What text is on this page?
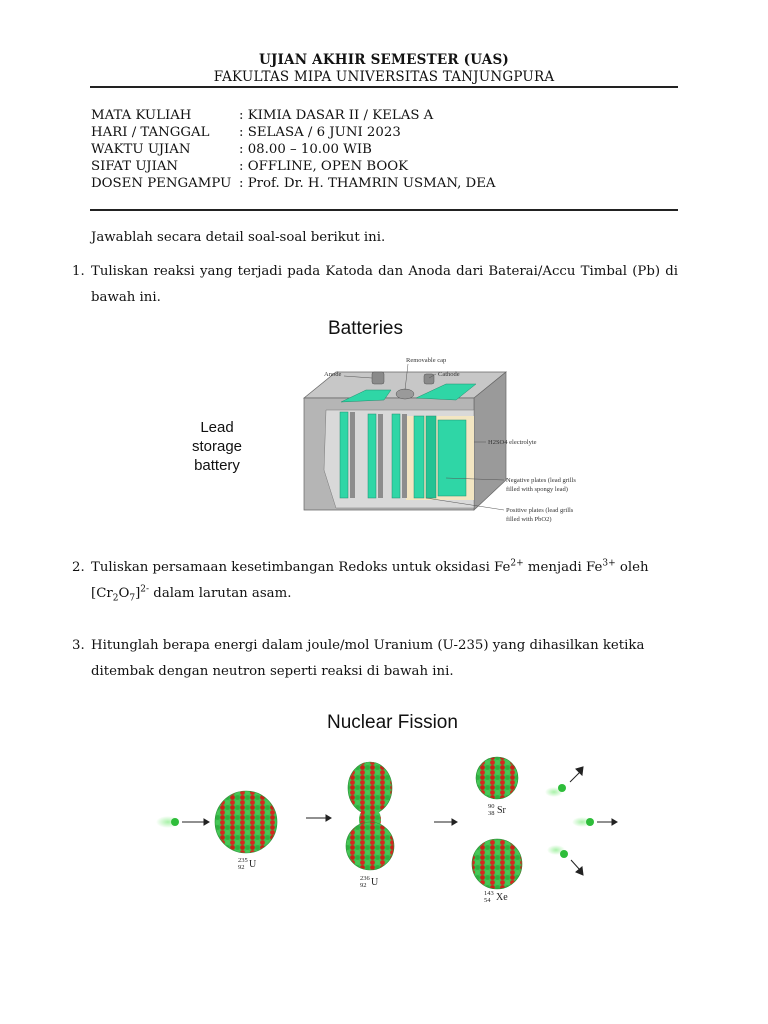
UJIAN AKHIR SEMESTER (UAS)
FAKULTAS MIPA UNIVERSITAS TANJUNGPURA
MATA KULIAH	: KIMIA DASAR II / KELAS A
HARI / TANGGAL	: SELASA / 6 JUNI 2023
WAKTU UJIAN	: 08.00 – 10.00 WIB
SIFAT UJIAN	: OFFLINE, OPEN BOOK
DOSEN PENGAMPU : Prof. Dr. H. THAMRIN USMAN, DEA
Jawablah secara detail soal-soal berikut ini.
1. Tuliskan reaksi yang terjadi pada Katoda dan Anoda dari Baterai/Accu Timbal (Pb) di
bawah ini.
Batteries
Lead
storage
battery
Anode
Removable cap
Cathode
H2SO4 electrolyte
Negative plates (lead grills
filled with spongy lead)
Positive plates (lead grills
filled with PbO2)
2. Tuliskan persamaan kesetimbangan Redoks untuk oksidasi $Fe^{2+}$ menjadi $Fe^{3+}$ oleh
$[Cr_2O_7]^{2-}$ dalam larutan asam.
3. Hitunglah berapa energi dalam joule/mol Uranium (U-235) yang dihasilkan ketika
ditembak dengan neutron seperti reaksi di bawah ini.
Nuclear Fission
235
92 U
236
92 U
90
38 Sr
143
54 Xe
